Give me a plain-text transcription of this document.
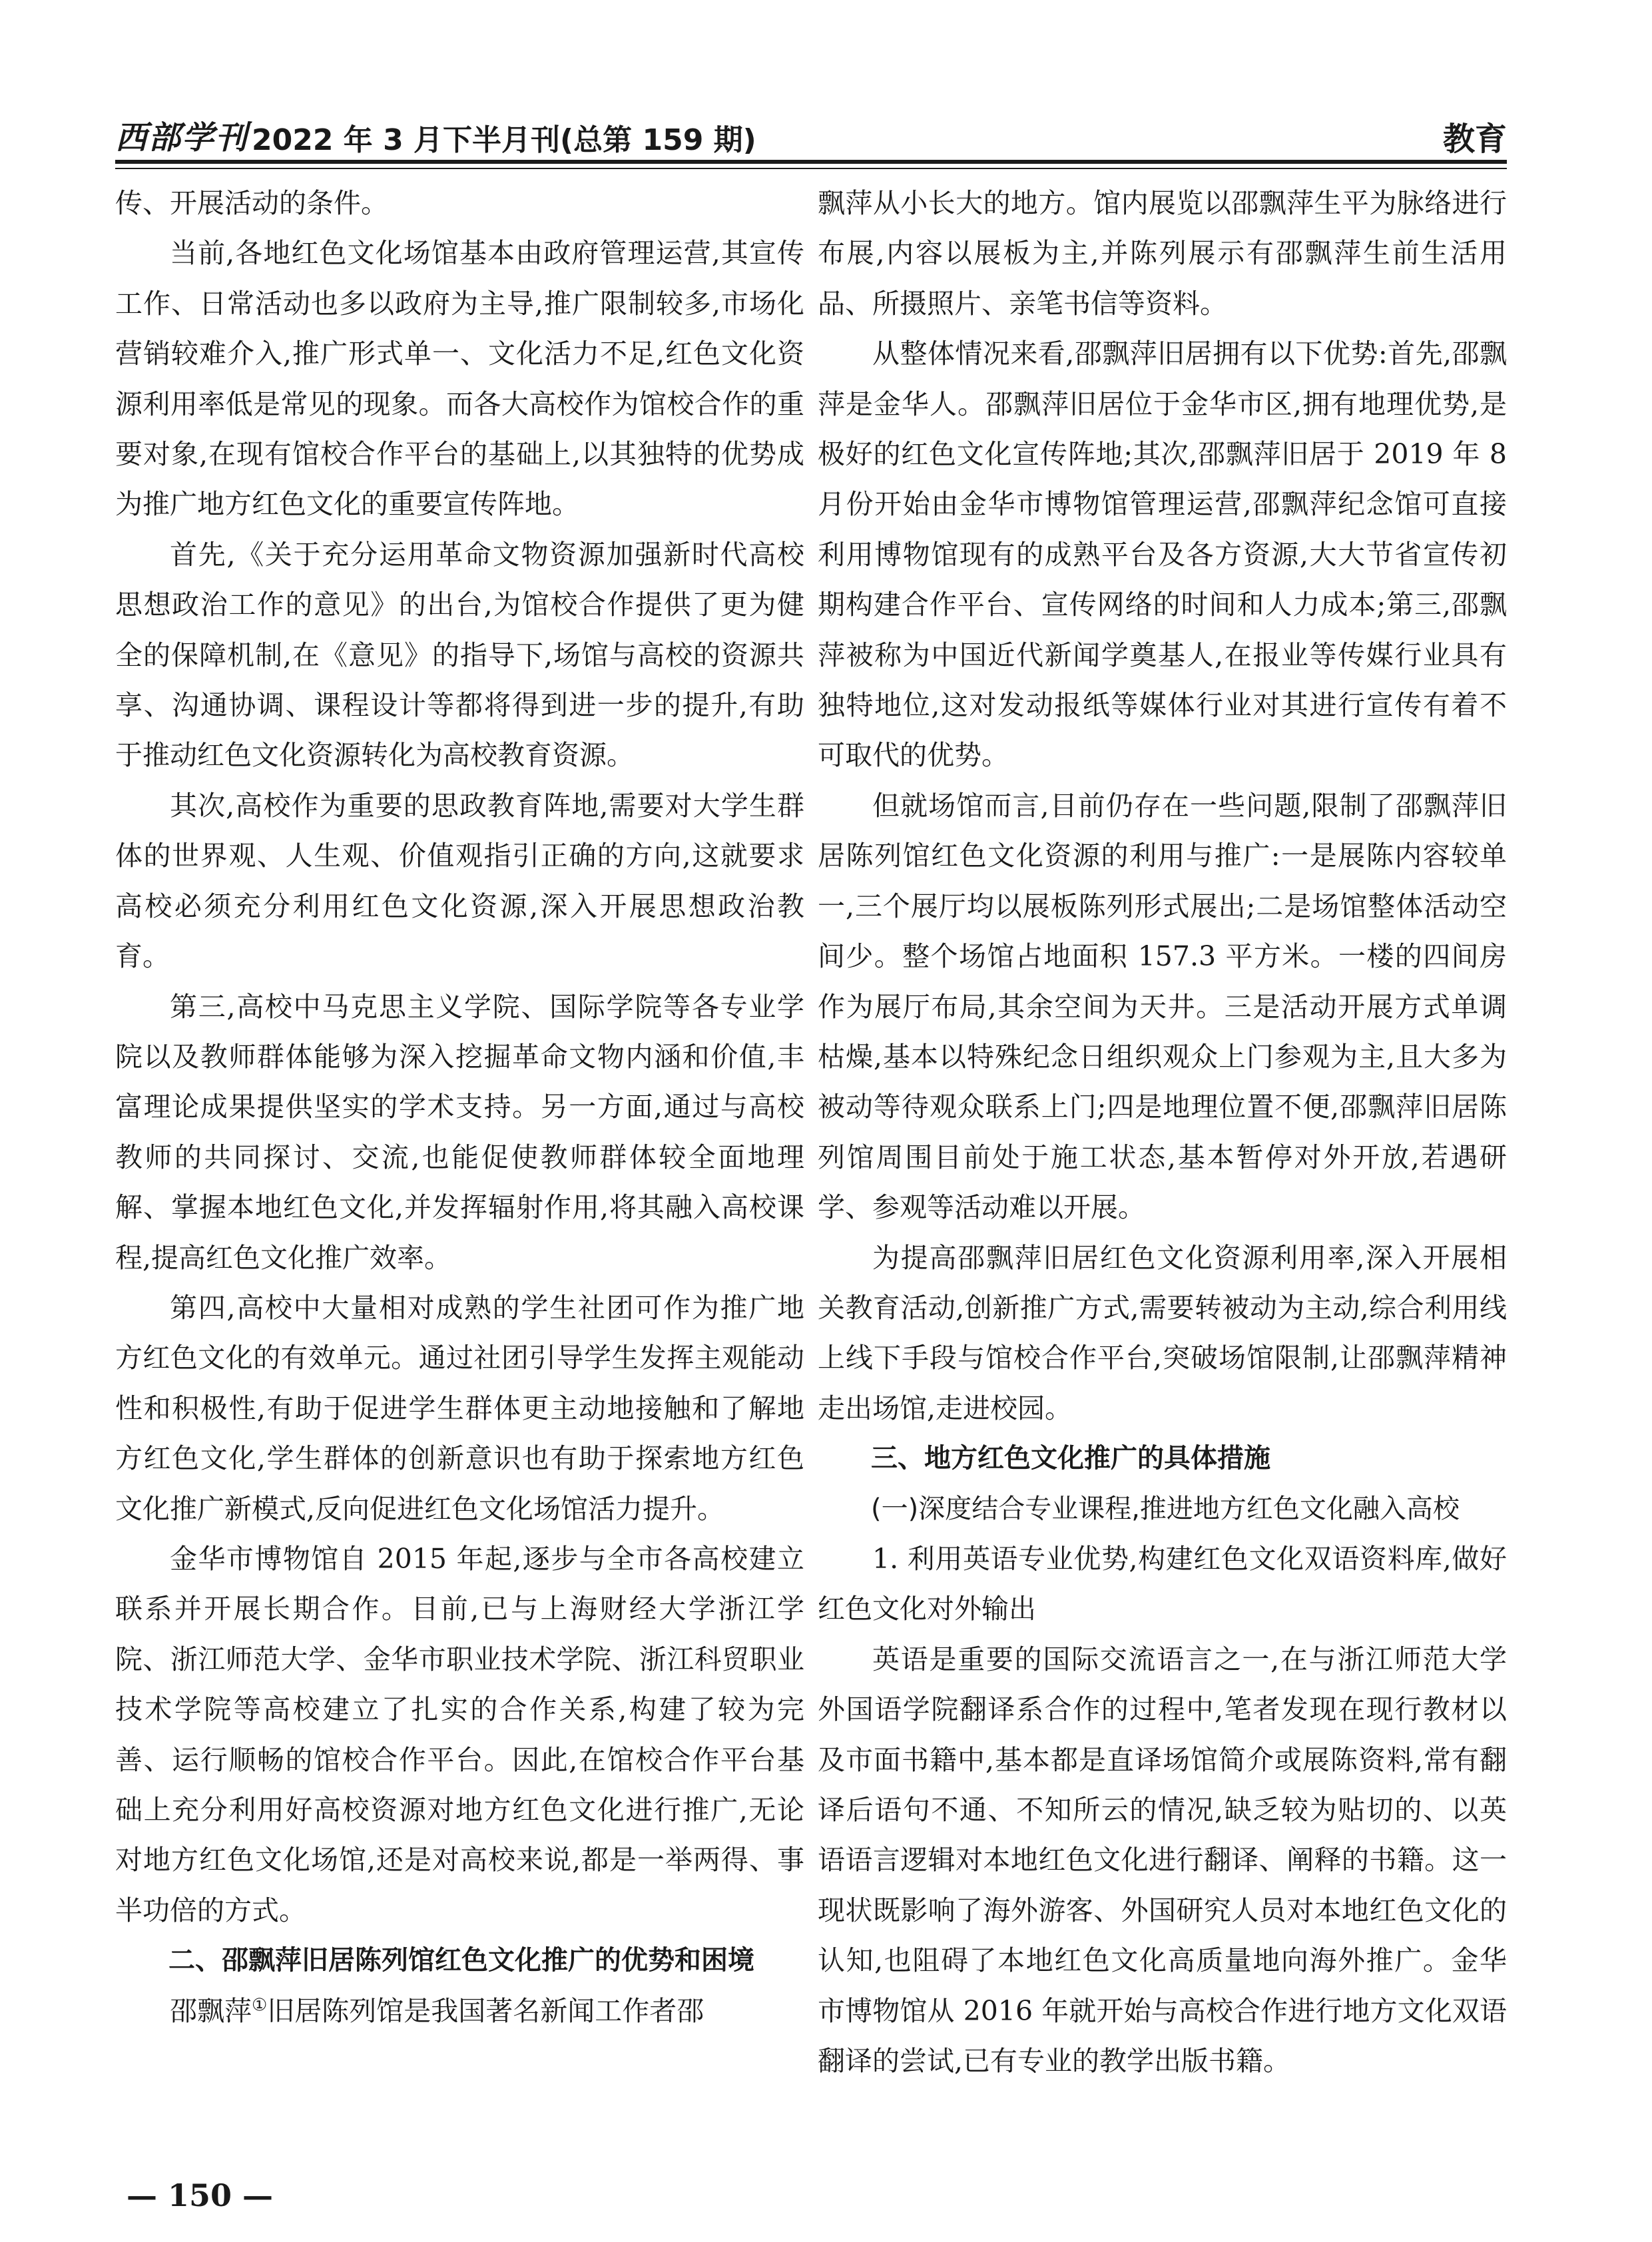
西部学刊 2022 年 3 月下半月刊(总第 159 期)	教育

传、开展活动的条件。

当前,各地红色文化场馆基本由政府管理运营,其宣传工作、日常活动也多以政府为主导,推广限制较多,市场化营销较难介入,推广形式单一、文化活力不足,红色文化资源利用率低是常见的现象。而各大高校作为馆校合作的重要对象,在现有馆校合作平台的基础上,以其独特的优势成为推广地方红色文化的重要宣传阵地。

首先,《关于充分运用革命文物资源加强新时代高校思想政治工作的意见》的出台,为馆校合作提供了更为健全的保障机制,在《意见》的指导下,场馆与高校的资源共享、沟通协调、课程设计等都将得到进一步的提升,有助于推动红色文化资源转化为高校教育资源。

其次,高校作为重要的思政教育阵地,需要对大学生群体的世界观、人生观、价值观指引正确的方向,这就要求高校必须充分利用红色文化资源,深入开展思想政治教育。

第三,高校中马克思主义学院、国际学院等各专业学院以及教师群体能够为深入挖掘革命文物内涵和价值,丰富理论成果提供坚实的学术支持。另一方面,通过与高校教师的共同探讨、交流,也能促使教师群体较全面地理解、掌握本地红色文化,并发挥辐射作用,将其融入高校课程,提高红色文化推广效率。

第四,高校中大量相对成熟的学生社团可作为推广地方红色文化的有效单元。通过社团引导学生发挥主观能动性和积极性,有助于促进学生群体更主动地接触和了解地方红色文化,学生群体的创新意识也有助于探索地方红色文化推广新模式,反向促进红色文化场馆活力提升。

金华市博物馆自 2015 年起,逐步与全市各高校建立联系并开展长期合作。目前,已与上海财经大学浙江学院、浙江师范大学、金华市职业技术学院、浙江科贸职业技术学院等高校建立了扎实的合作关系,构建了较为完善、运行顺畅的馆校合作平台。因此,在馆校合作平台基础上充分利用好高校资源对地方红色文化进行推广,无论对地方红色文化场馆,还是对高校来说,都是一举两得、事半功倍的方式。

二、邵飘萍旧居陈列馆红色文化推广的优势和困境

邵飘萍①旧居陈列馆是我国著名新闻工作者邵

飘萍从小长大的地方。馆内展览以邵飘萍生平为脉络进行布展,内容以展板为主,并陈列展示有邵飘萍生前生活用品、所摄照片、亲笔书信等资料。

从整体情况来看,邵飘萍旧居拥有以下优势:首先,邵飘萍是金华人。邵飘萍旧居位于金华市区,拥有地理优势,是极好的红色文化宣传阵地;其次,邵飘萍旧居于 2019 年 8 月份开始由金华市博物馆管理运营,邵飘萍纪念馆可直接利用博物馆现有的成熟平台及各方资源,大大节省宣传初期构建合作平台、宣传网络的时间和人力成本;第三,邵飘萍被称为中国近代新闻学奠基人,在报业等传媒行业具有独特地位,这对发动报纸等媒体行业对其进行宣传有着不可取代的优势。

但就场馆而言,目前仍存在一些问题,限制了邵飘萍旧居陈列馆红色文化资源的利用与推广:一是展陈内容较单一,三个展厅均以展板陈列形式展出;二是场馆整体活动空间少。整个场馆占地面积 157.3 平方米。一楼的四间房作为展厅布局,其余空间为天井。三是活动开展方式单调枯燥,基本以特殊纪念日组织观众上门参观为主,且大多为被动等待观众联系上门;四是地理位置不便,邵飘萍旧居陈列馆周围目前处于施工状态,基本暂停对外开放,若遇研学、参观等活动难以开展。

为提高邵飘萍旧居红色文化资源利用率,深入开展相关教育活动,创新推广方式,需要转被动为主动,综合利用线上线下手段与馆校合作平台,突破场馆限制,让邵飘萍精神走出场馆,走进校园。

三、地方红色文化推广的具体措施

(一)深度结合专业课程,推进地方红色文化融入高校

1. 利用英语专业优势,构建红色文化双语资料库,做好红色文化对外输出

英语是重要的国际交流语言之一,在与浙江师范大学外国语学院翻译系合作的过程中,笔者发现在现行教材以及市面书籍中,基本都是直译场馆简介或展陈资料,常有翻译后语句不通、不知所云的情况,缺乏较为贴切的、以英语语言逻辑对本地红色文化进行翻译、阐释的书籍。这一现状既影响了海外游客、外国研究人员对本地红色文化的认知,也阻碍了本地红色文化高质量地向海外推广。金华市博物馆从 2016 年就开始与高校合作进行地方文化双语翻译的尝试,已有专业的教学出版书籍。

— 150 —
